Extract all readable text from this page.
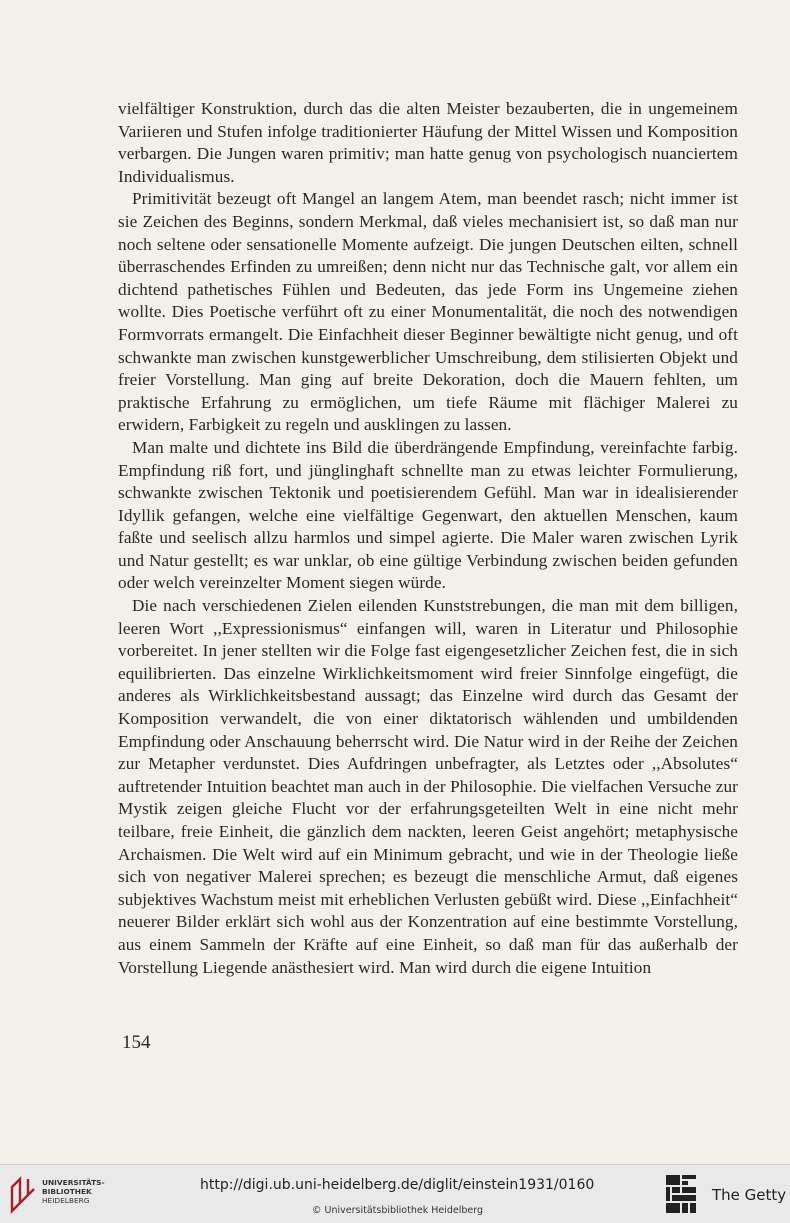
vielfältiger Konstruktion, durch das die alten Meister bezauberten, die in ungemeinem Variieren und Stufen infolge traditionierter Häufung der Mittel Wissen und Komposition verbargen. Die Jungen waren primitiv; man hatte genug von psychologisch nuanciertem Individualismus.

Primitivität bezeugt oft Mangel an langem Atem, man beendet rasch; nicht immer ist sie Zeichen des Beginns, sondern Merkmal, daß vieles mechanisiert ist, so daß man nur noch seltene oder sensationelle Momente aufzeigt. Die jungen Deutschen eilten, schnell überraschendes Erfinden zu umreißen; denn nicht nur das Technische galt, vor allem ein dichtend pathetisches Fühlen und Bedeuten, das jede Form ins Ungemeine ziehen wollte. Dies Poetische verführt oft zu einer Monumentalität, die noch des notwendigen Formvorrats ermangelt. Die Einfachheit dieser Beginner bewältigte nicht genug, und oft schwankte man zwischen kunstgewerblicher Umschreibung, dem stilisierten Objekt und freier Vorstellung. Man ging auf breite Dekoration, doch die Mauern fehlten, um praktische Erfahrung zu ermöglichen, um tiefe Räume mit flächiger Malerei zu erwidern, Farbigkeit zu regeln und ausklingen zu lassen.

Man malte und dichtete ins Bild die überdrängende Empfindung, vereinfachte farbig. Empfindung riß fort, und jünglinghaft schnellte man zu etwas leichter Formulierung, schwankte zwischen Tektonik und poetisierendem Gefühl. Man war in idealisierender Idyllik gefangen, welche eine vielfältige Gegenwart, den aktuellen Menschen, kaum faßte und seelisch allzu harmlos und simpel agierte. Die Maler waren zwischen Lyrik und Natur gestellt; es war unklar, ob eine gültige Verbindung zwischen beiden gefunden oder welch vereinzelter Moment siegen würde.

Die nach verschiedenen Zielen eilenden Kunststrebungen, die man mit dem billigen, leeren Wort ,,Expressionismus“ einfangen will, waren in Literatur und Philosophie vorbereitet. In jener stellten wir die Folge fast eigengesetzlicher Zeichen fest, die in sich equilibrierten. Das einzelne Wirklichkeitsmoment wird freier Sinnfolge eingefügt, die anderes als Wirklichkeitsbestand aussagt; das Einzelne wird durch das Gesamt der Komposition verwandelt, die von einer diktatorisch wählenden und umbildenden Empfindung oder Anschauung beherrscht wird. Die Natur wird in der Reihe der Zeichen zur Metapher verdunstet. Dies Aufdringen unbefragter, als Letztes oder ,,Absolutes“ auftretender Intuition beachtet man auch in der Philosophie. Die vielfachen Versuche zur Mystik zeigen gleiche Flucht vor der erfahrungsgeteilten Welt in eine nicht mehr teilbare, freie Einheit, die gänzlich dem nackten, leeren Geist angehört; metaphysische Archaismen. Die Welt wird auf ein Minimum gebracht, und wie in der Theologie ließe sich von negativer Malerei sprechen; es bezeugt die menschliche Armut, daß eigenes subjektives Wachstum meist mit erheblichen Verlusten gebüßt wird. Diese ,,Einfachheit“ neuerer Bilder erklärt sich wohl aus der Konzentration auf eine bestimmte Vorstellung, aus einem Sammeln der Kräfte auf eine Einheit, so daß man für das außerhalb der Vorstellung Liegende anästhesiert wird. Man wird durch die eigene Intuition

154
UNIVERSITÄTS-
BIBLIOTHEK
HEIDELBERG
http://digi.ub.uni-heidelberg.de/diglit/einstein1931/0160
© Universitätsbibliothek Heidelberg
The Getty
